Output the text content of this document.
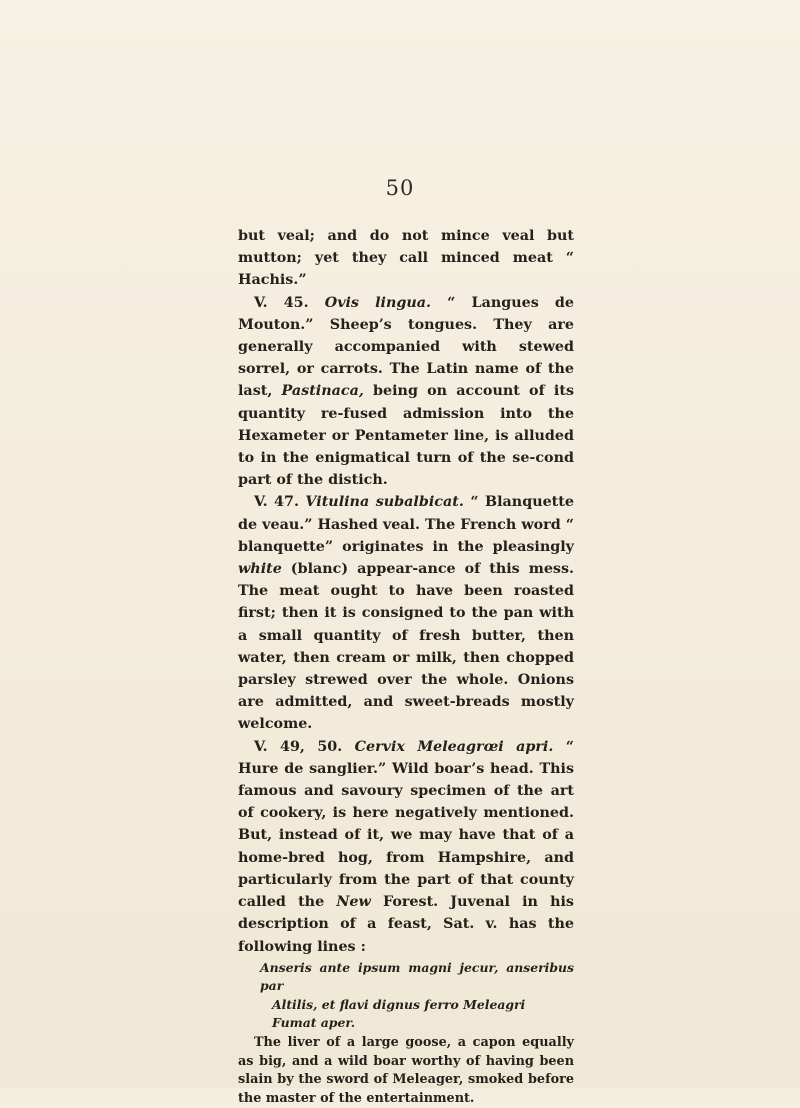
50

but veal; and do not mince veal but mutton; yet they call minced meat “ Hachis.”

V. 45. Ovis lingua. “ Langues de Mouton.” Sheep’s tongues. They are generally accompanied with stewed sorrel, or carrots. The Latin name of the last, Pastinaca, being on account of its quantity re-fused admission into the Hexameter or Pentameter line, is alluded to in the enigmatical turn of the se-cond part of the distich.

V. 47. Vitulina subalbicat. “ Blanquette de veau.” Hashed veal. The French word “ blanquette” originates in the pleasingly white (blanc) appear-ance of this mess. The meat ought to have been roasted first; then it is consigned to the pan with a small quantity of fresh butter, then water, then cream or milk, then chopped parsley strewed over the whole. Onions are admitted, and sweet-breads mostly welcome.

V. 49, 50. Cervix Meleagrœi apri. “ Hure de sanglier.” Wild boar’s head. This famous and savoury specimen of the art of cookery, is here negatively mentioned. But, instead of it, we may have that of a home-bred hog, from Hampshire, and particularly from the part of that county called the New Forest. Juvenal in his description of a feast, Sat. v. has the following lines :

Anseris ante ipsum magni jecur, anseribus par
Altilis, et flavi dignus ferro Meleagri
Fumat aper.

The liver of a large goose, a capon equally as big, and a wild boar worthy of having been slain by the sword of Meleager, smoked before the master of the entertainment.
